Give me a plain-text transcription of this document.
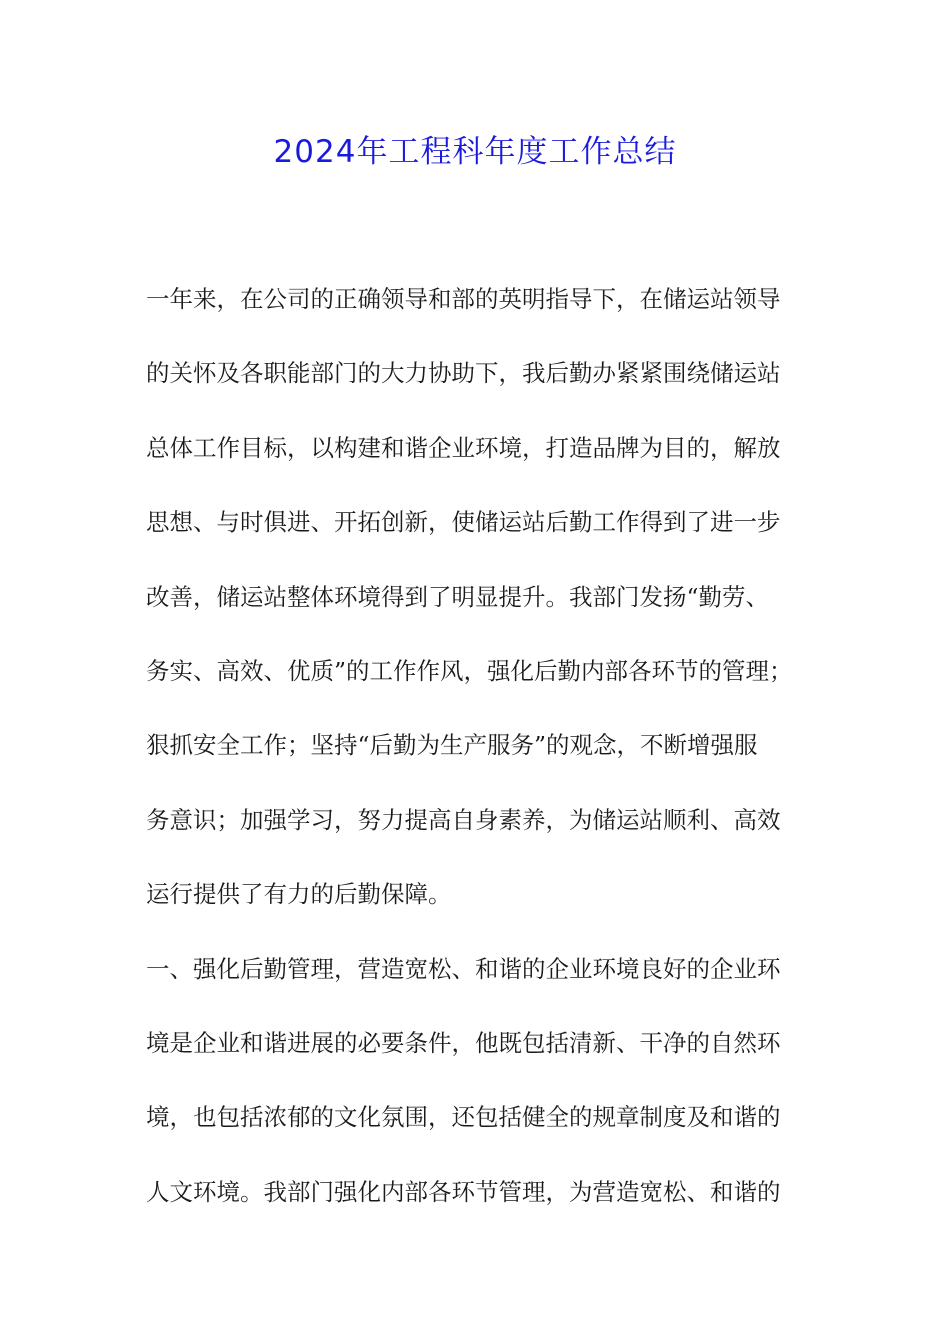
2024年工程科年度工作总结
一年来，在公司的正确领导和部的英明指导下，在储运站领导
的关怀及各职能部门的大力协助下，我后勤办紧紧围绕储运站
总体工作目标，以构建和谐企业环境，打造品牌为目的，解放
思想、与时俱进、开拓创新，使储运站后勤工作得到了进一步
改善，储运站整体环境得到了明显提升。我部门发扬“勤劳、
务实、高效、优质”的工作作风，强化后勤内部各环节的管理；
狠抓安全工作；坚持“后勤为生产服务”的观念，不断增强服
务意识；加强学习，努力提高自身素养，为储运站顺利、高效
运行提供了有力的后勤保障。
一、强化后勤管理，营造宽松、和谐的企业环境良好的企业环
境是企业和谐进展的必要条件，他既包括清新、干净的自然环
境，也包括浓郁的文化氛围，还包括健全的规章制度及和谐的
人文环境。我部门强化内部各环节管理，为营造宽松、和谐的
